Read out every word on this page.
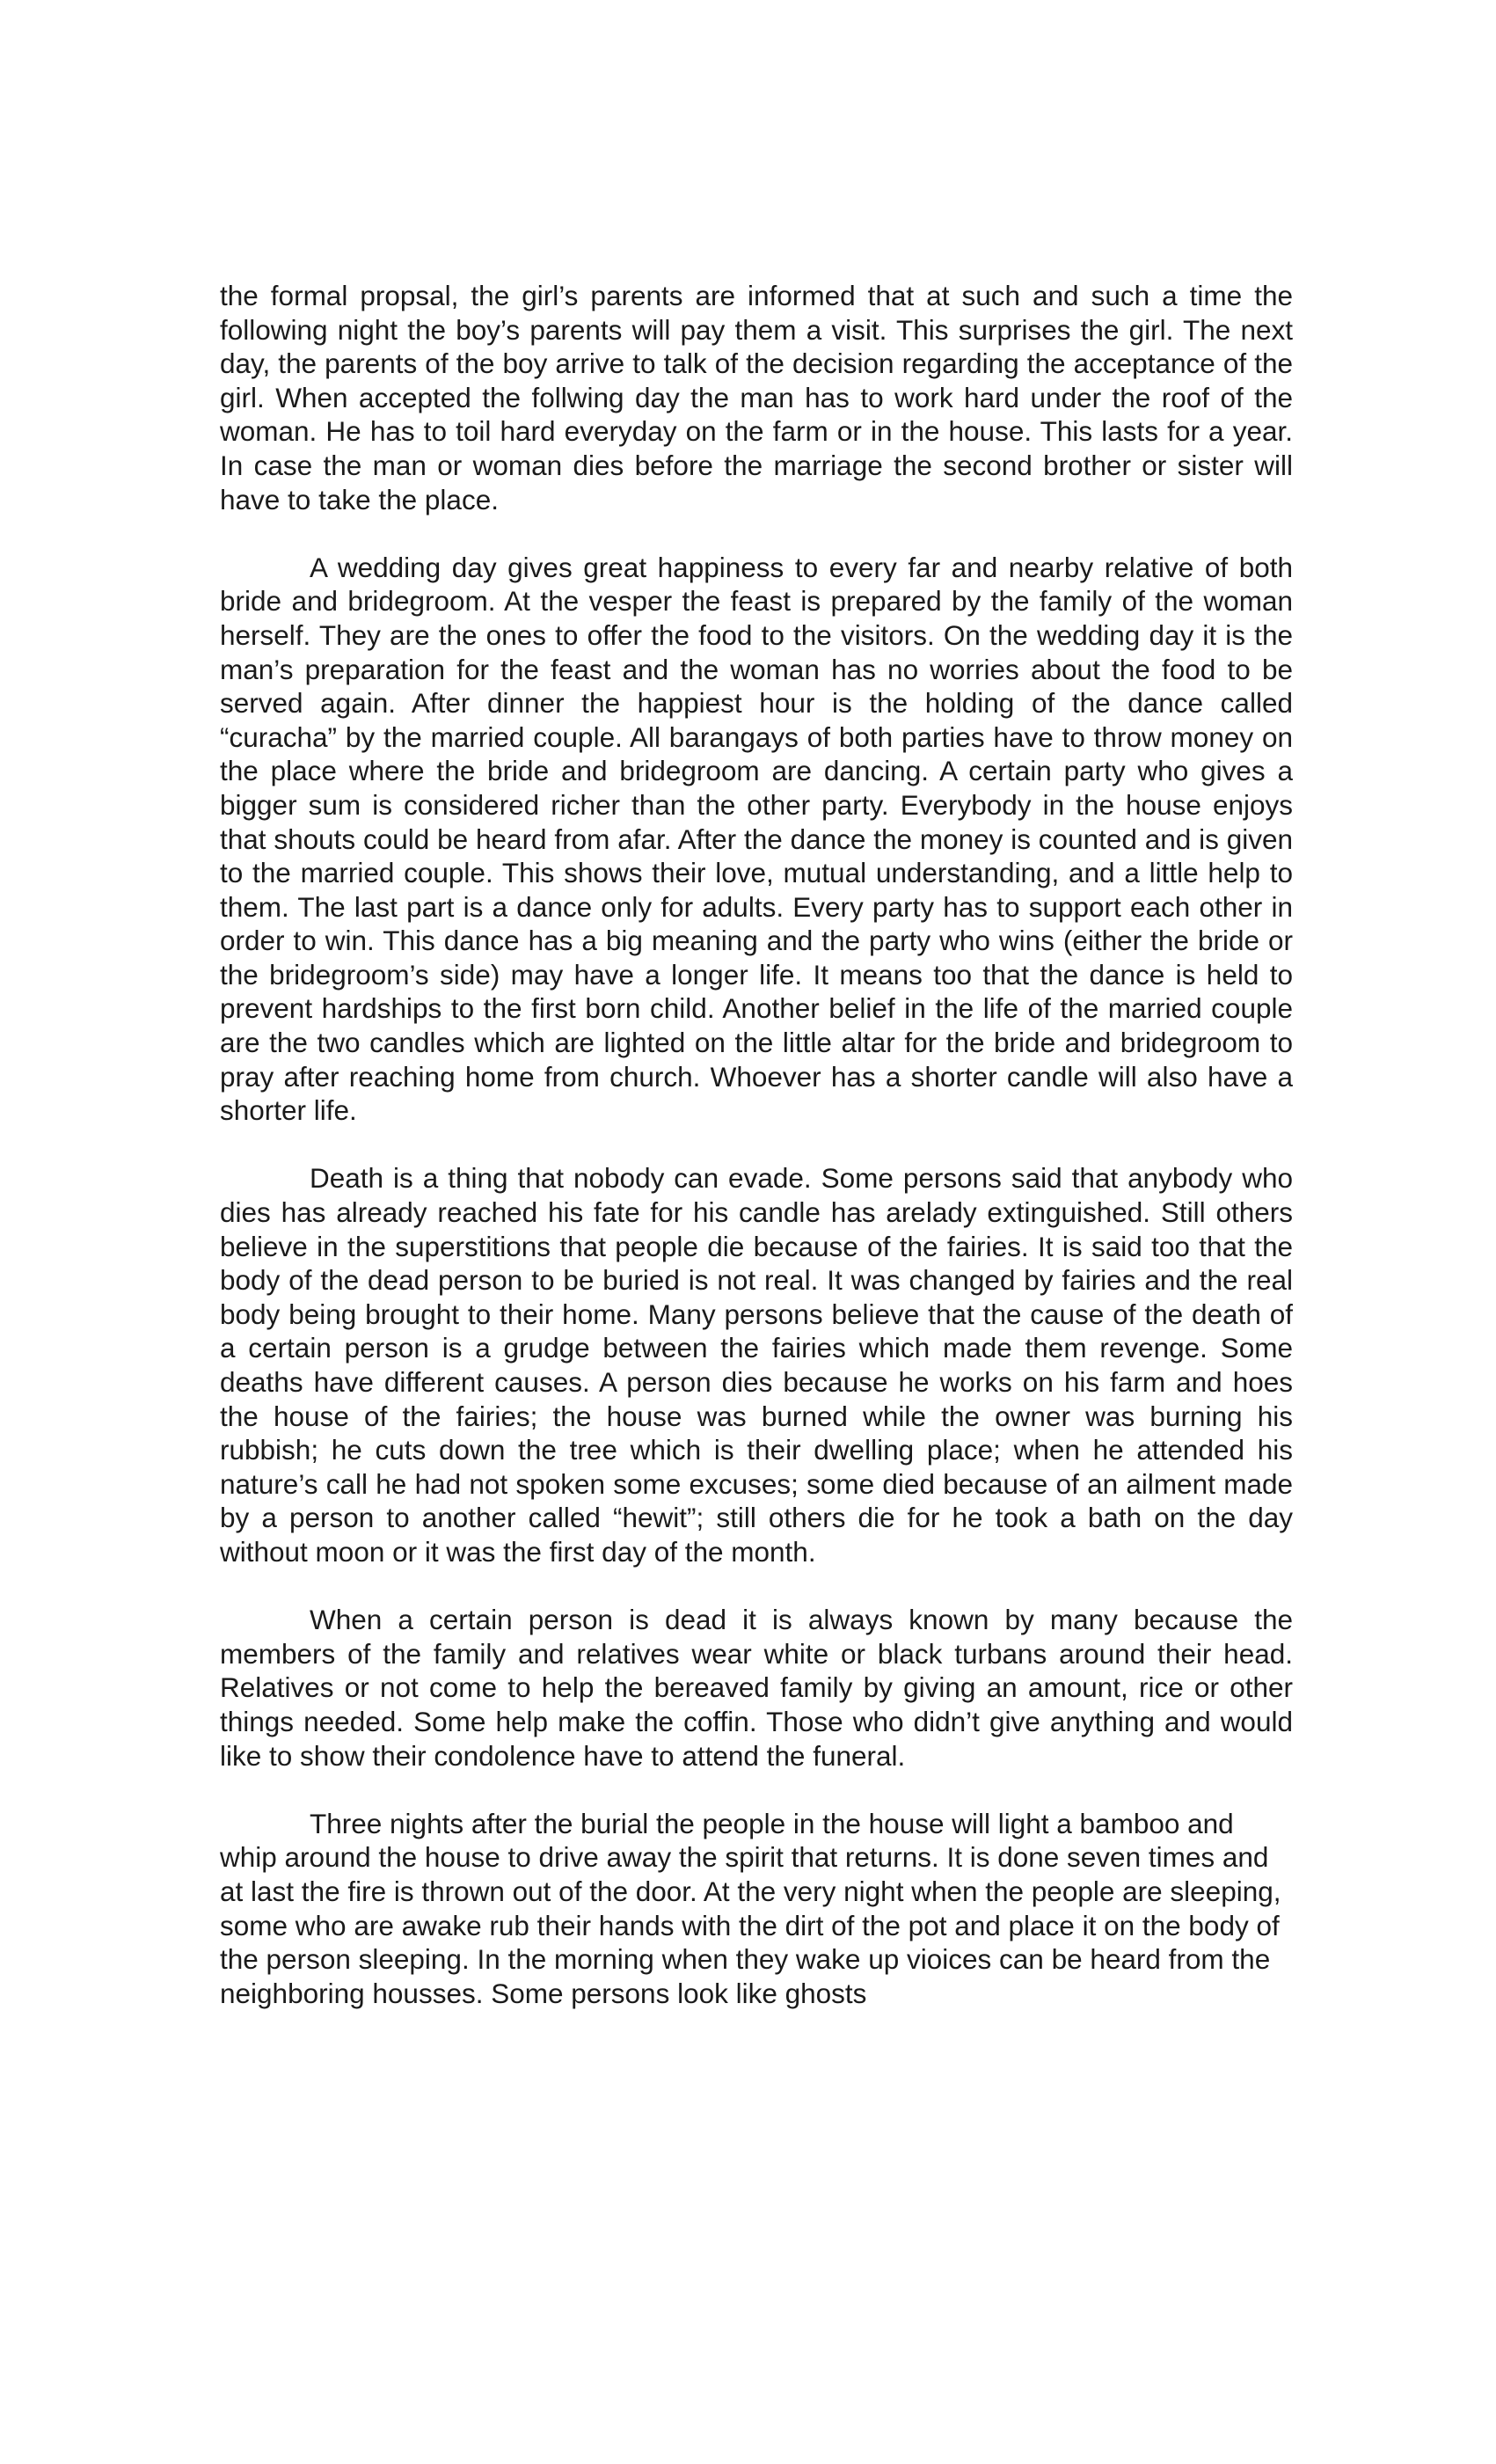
the formal propsal, the girl’s parents are informed that at such and such a time the following night the boy’s parents will pay them a visit. This surprises the girl. The next day, the parents of the boy arrive to talk of the decision regarding the acceptance of the girl. When accepted the follwing day the man has to work hard under the roof of the woman. He has to toil hard everyday on the farm or in the house. This lasts for a year. In case the man or woman dies before the marriage the second brother or sister will have to take the place.

A wedding day gives great happiness to every far and nearby relative of both bride and bridegroom. At the vesper the feast is prepared by the family of the woman herself. They are the ones to offer the food to the visitors. On the wedding day it is the man’s preparation for the feast and the woman has no worries about the food to be served again. After dinner the happiest hour is the holding of the dance called “curacha” by the married couple. All barangays of both parties have to throw money on the place where the bride and bridegroom are dancing. A certain party who gives a bigger sum is considered richer than the other party. Everybody in the house enjoys that shouts could be heard from afar. After the dance the money is counted and is given to the married couple. This shows their love, mutual understanding, and a little help to them. The last part is a dance only for adults. Every party has to support each other in order to win. This dance has a big meaning and the party who wins (either the bride or the bridegroom’s side) may have a longer life. It means too that the dance is held to prevent hardships to the first born child. Another belief in the life of the married couple are the two candles which are lighted on the little altar for the bride and bridegroom to pray after reaching home from church. Whoever has a shorter candle will also have a shorter life.

Death is a thing that nobody can evade. Some persons said that anybody who dies has already reached his fate for his candle has arelady extinguished. Still others believe in the superstitions that people die because of the fairies. It is said too that the body of the dead person to be buried is not real. It was changed by fairies and the real body being brought to their home. Many persons believe that the cause of the death of a certain person is a grudge between the fairies which made them revenge. Some deaths have different causes. A person dies because he works on his farm and hoes the house of the fairies; the house was burned while the owner was burning his rubbish; he cuts down the tree which is their dwelling place; when he attended his nature’s call he had not spoken some excuses; some died because of an ailment made by a person to another called “hewit”; still others die for he took a bath on the day without moon or it was the first day of the month.

When a certain person is dead it is always known by many because the members of the family and relatives wear white or black turbans around their head. Relatives or not come to help the bereaved family by giving an amount, rice or other things needed. Some help make the coffin. Those who didn’t give anything and would like to show their condolence have to attend the funeral.

Three nights after the burial the people in the house will light a bamboo and whip around the house to drive away the spirit that returns. It is done seven times and at last the fire is thrown out of the door. At the very night when the people are sleeping, some who are awake rub their hands with the dirt of the pot and place it on the body of the person sleeping. In the morning when they wake up vioices can be heard from the neighboring housses. Some persons look like ghosts
